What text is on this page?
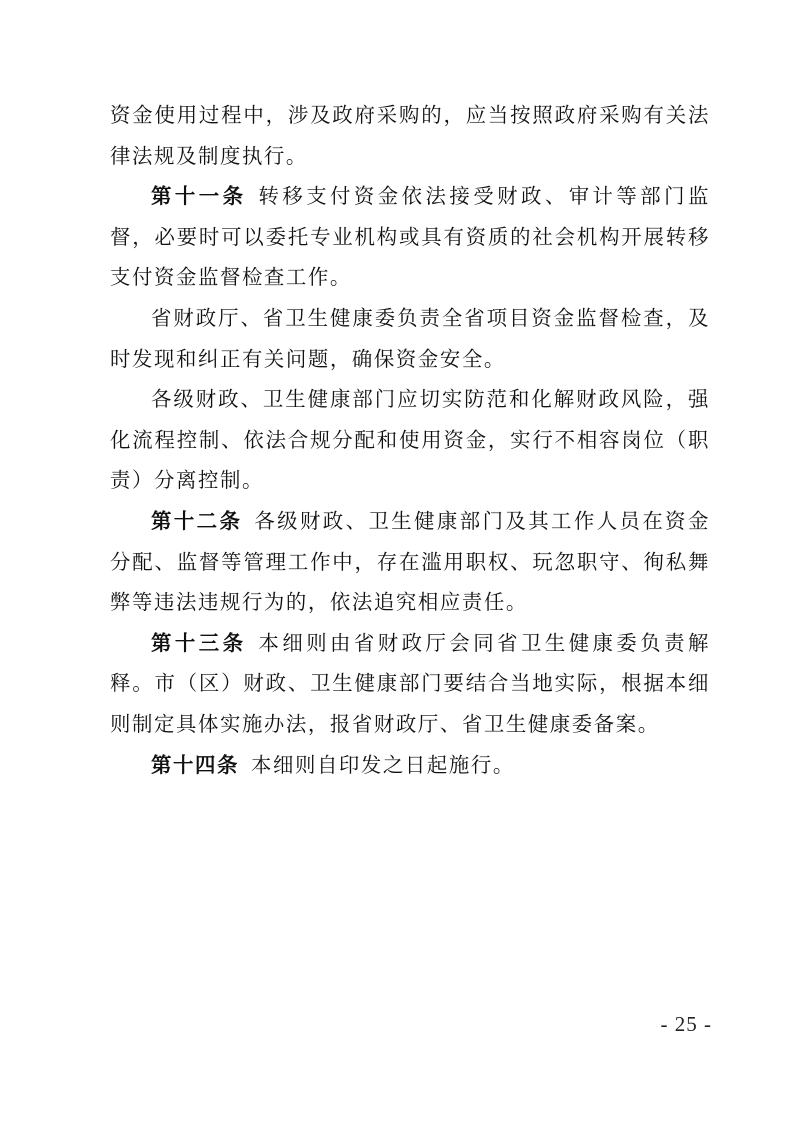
资金使用过程中，涉及政府采购的，应当按照政府采购有关法律法规及制度执行。

第十一条 转移支付资金依法接受财政、审计等部门监督，必要时可以委托专业机构或具有资质的社会机构开展转移支付资金监督检查工作。

省财政厅、省卫生健康委负责全省项目资金监督检查，及时发现和纠正有关问题，确保资金安全。

各级财政、卫生健康部门应切实防范和化解财政风险，强化流程控制、依法合规分配和使用资金，实行不相容岗位（职责）分离控制。

第十二条 各级财政、卫生健康部门及其工作人员在资金分配、监督等管理工作中，存在滥用职权、玩忽职守、徇私舞弊等违法违规行为的，依法追究相应责任。

第十三条 本细则由省财政厅会同省卫生健康委负责解释。市（区）财政、卫生健康部门要结合当地实际，根据本细则制定具体实施办法，报省财政厅、省卫生健康委备案。

第十四条 本细则自印发之日起施行。

- 25 -
